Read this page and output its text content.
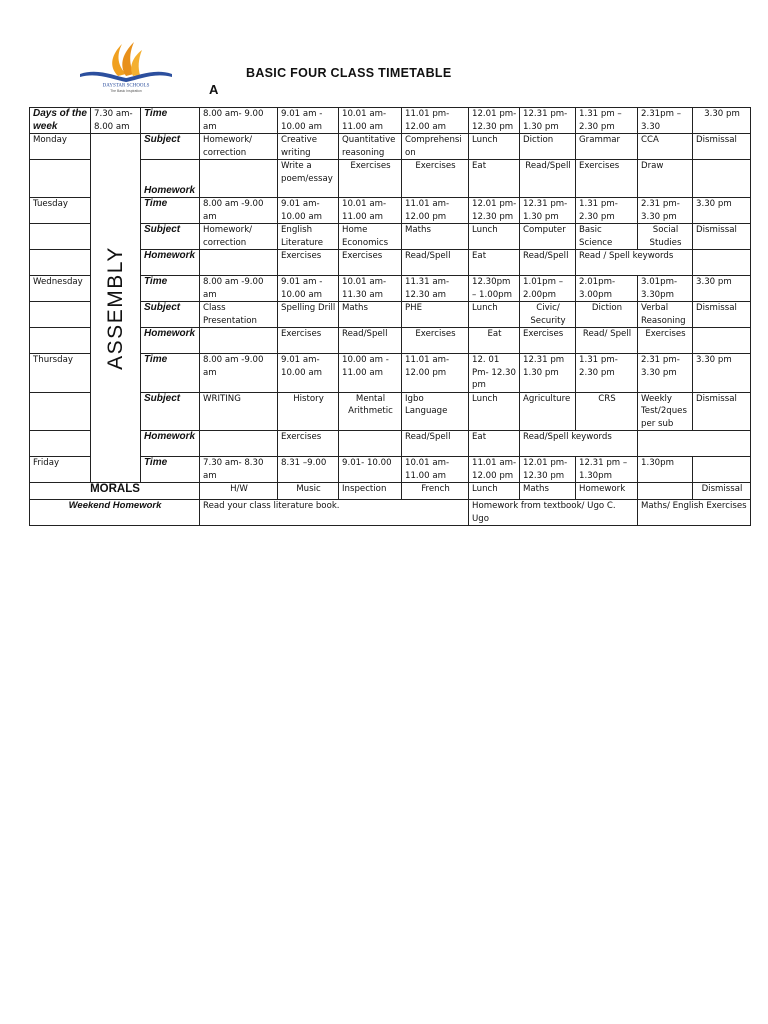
DAYSTAR SCHOOLS
The Basic Inspiration
BASIC FOUR CLASS TIMETABLE
A
Days of the week	7.30 am- 8.00 am	Time	8.00 am- 9.00 am	9.01 am - 10.00 am	10.01 am- 11.00 am	11.01 pm- 12.00 am	12.01 pm- 12.30 pm	12.31 pm- 1.30 pm	1.31 pm – 2.30 pm	2.31pm – 3.30	3.30 pm	
Monday	ASSEMBLY	Subject	Homework/ correction	Creative writing	Quantitative reasoning	Comprehension	Lunch	Diction	Grammar	CCA	Dismissal	
		Homework		Write a poem/essay	Exercises	Exercises	Eat	Read/Spell	Exercises	Draw		
Tuesday		Time	8.00 am -9.00 am	9.01 am- 10.00 am	10.01 am- 11.00 am	11.01 am- 12.00 pm	12.01 pm- 12.30 pm	12.31 pm- 1.30 pm	1.31 pm- 2.30 pm	2.31 pm- 3.30 pm	3.30 pm	
		Subject	Homework/ correction	English Literature	Home Economics	Maths	Lunch	Computer	Basic Science	Social Studies	Dismissal	
		Homework		Exercises	Exercises	Read/Spell	Eat	Read/Spell	Read / Spell keywords			
Wednesday		Time	8.00 am -9.00 am	9.01 am - 10.00 am	10.01 am- 11.30 am	11.31 am- 12.30 am	12.30pm – 1.00pm	1.01pm – 2.00pm	2.01pm- 3.00pm	3.01pm- 3.30pm	3.30 pm	
		Subject	Class Presentation	Spelling Drill	Maths	PHE	Lunch	Civic/ Security	Diction	Verbal Reasoning	Dismissal	
		Homework		Exercises	Read/Spell	Exercises	Eat	Exercises	Read/ Spell	Exercises		
Thursday		Time	8.00 am -9.00 am	9.01 am- 10.00 am	10.00 am - 11.00 am	11.01 am- 12.00 pm	12. 01 Pm- 12.30 pm	12.31 pm 1.30 pm	1.31 pm- 2.30 pm	2.31 pm- 3.30 pm	3.30 pm	
		Subject	WRITING	History	Mental Arithmetic	Igbo Language	Lunch	Agriculture	CRS	Weekly Test/2ques per sub	Dismissal	
		Homework		Exercises		Read/Spell	Eat	Read/Spell keywords				
Friday		Time	7.30 am- 8.30 am	8.31 –9.00	9.01- 10.00	10.01 am- 11.00 am	11.01 am- 12.00 pm	12.01 pm- 12.30 pm	12.31 pm – 1.30pm	1.30pm		
MORALS			H/W	Music	Inspection	French	Lunch	Maths	Homework		Dismissal	
Weekend Homework			Read your class literature book.				Homework from textbook/ Ugo C. Ugo			Maths/ English Exercises		
